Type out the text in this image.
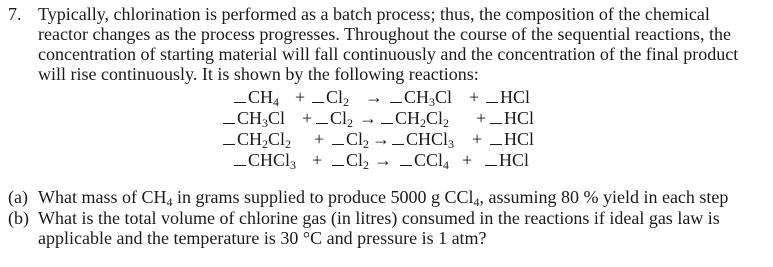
7. Typically, chlorination is performed as a batch process; thus, the composition of the chemical
reactor changes as the process progresses. Throughout the course of the sequential reactions, the
concentration of starting material will fall continuously and the concentration of the final product
will rise continuously. It is shown by the following reactions:
$CH_4$ +	$Cl_2$ →	$CH_3Cl$ +	HCl
$CH_3Cl + Cl_2$ →	$CH_2Cl_2$ + HCl
$CH_2Cl_2$ +	$Cl_2$ → CHCl$_3$ +	HCl
CHCl$_3$ +	$Cl_2$ →	CCl$_4$ +	HCl
(a) What mass of $CH_4$ in grams supplied to produce 5000 g CCl$_4$, assuming 80 % yield in each step
(b) What is the total volume of chlorine gas (in litres) consumed in the reactions if ideal gas law is
applicable and the temperature is 30 °C and pressure is 1 atm?
